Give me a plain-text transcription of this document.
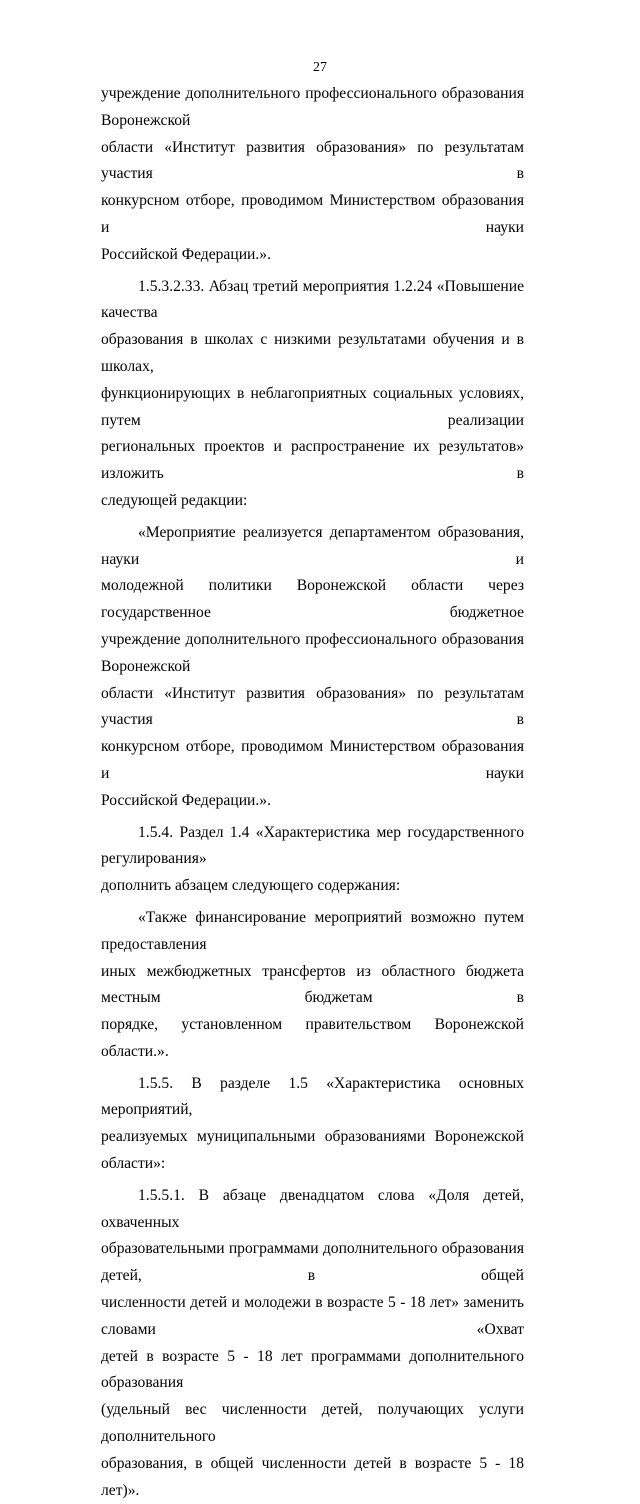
27

учреждение дополнительного профессионального образования Воронежской

области «Институт развития образования» по результатам участия в

конкурсном отборе, проводимом Министерством образования и науки

Российской Федерации.».

1.5.3.2.33. Абзац третий мероприятия 1.2.24 «Повышение качества

образования в школах с низкими результатами обучения и в школах,

функционирующих в неблагоприятных социальных условиях, путем реализации

региональных проектов и распространение их результатов» изложить в

следующей редакции:

«Мероприятие реализуется департаментом образования, науки и

молодежной политики Воронежской области через государственное бюджетное

учреждение дополнительного профессионального образования Воронежской

области «Институт развития образования» по результатам участия в

конкурсном отборе, проводимом Министерством образования и науки

Российской Федерации.».

1.5.4. Раздел 1.4 «Характеристика мер государственного регулирования»

дополнить абзацем следующего содержания:

«Также финансирование мероприятий возможно путем предоставления

иных межбюджетных трансфертов из областного бюджета местным бюджетам в

порядке, установленном правительством Воронежской области.».

1.5.5. В разделе 1.5 «Характеристика основных мероприятий,

реализуемых муниципальными образованиями Воронежской области»:

1.5.5.1. В абзаце двенадцатом слова «Доля детей, охваченных

образовательными программами дополнительного образования детей, в общей

численности детей и молодежи в возрасте 5 - 18 лет» заменить словами «Охват

детей в возрасте 5 - 18 лет программами дополнительного образования

(удельный вес численности детей, получающих услуги дополнительного

образования, в общей численности детей в возрасте 5 - 18 лет)».
